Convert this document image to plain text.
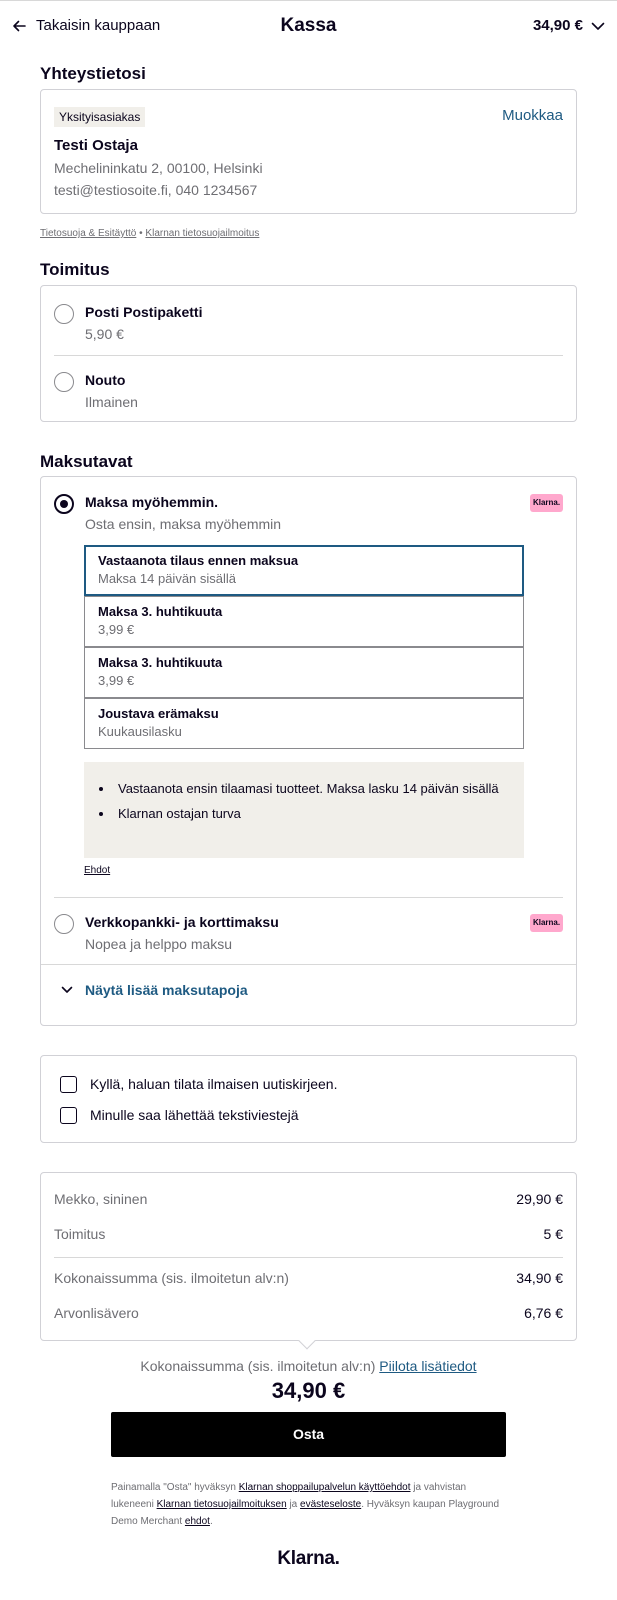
Takaisin kauppaan	Kassa	34,90 €
Yhteystietosi
Yksityisasiakas	Muokkaa
Testi Ostaja
Mechelininkatu 2, 00100, Helsinki
testi@testiosoite.fi, 040 1234567
Tietosuoja & Esitäyttö • Klarnan tietosuojailmoitus
Toimitus
Posti Postipaketti
5,90 €
Nouto
Ilmainen
Maksutavat
Maksa myöhemmin.
Osta ensin, maksa myöhemmin
Klarna.
Vastaanota tilaus ennen maksua
Maksa 14 päivän sisällä
Maksa 3. huhtikuuta
3,99 €
Maksa 3. huhtikuuta
3,99 €
Joustava erämaksu
Kuukausilasku
• Vastaanota ensin tilaamasi tuotteet. Maksa lasku 14 päivän sisällä
• Klarnan ostajan turva
Ehdot
Verkkopankki- ja korttimaksu
Nopea ja helppo maksu
Klarna.
Näytä lisää maksutapoja
Kyllä, haluan tilata ilmaisen uutiskirjeen.
Minulle saa lähettää tekstiviestejä
Mekko, sininen	29,90 €
Toimitus	5 €
Kokonaissumma (sis. ilmoitetun alv:n)	34,90 €
Arvonlisävero	6,76 €
Kokonaissumma (sis. ilmoitetun alv:n) Piilota lisätiedot
34,90 €
Osta
Painamalla "Osta" hyväksyn Klarnan shoppailupalvelun käyttöehdot ja vahvistan lukeneeni Klarnan tietosuojailmoituksen ja evästeseloste. Hyväksyn kaupan Playground Demo Merchant ehdot.
Klarna.
